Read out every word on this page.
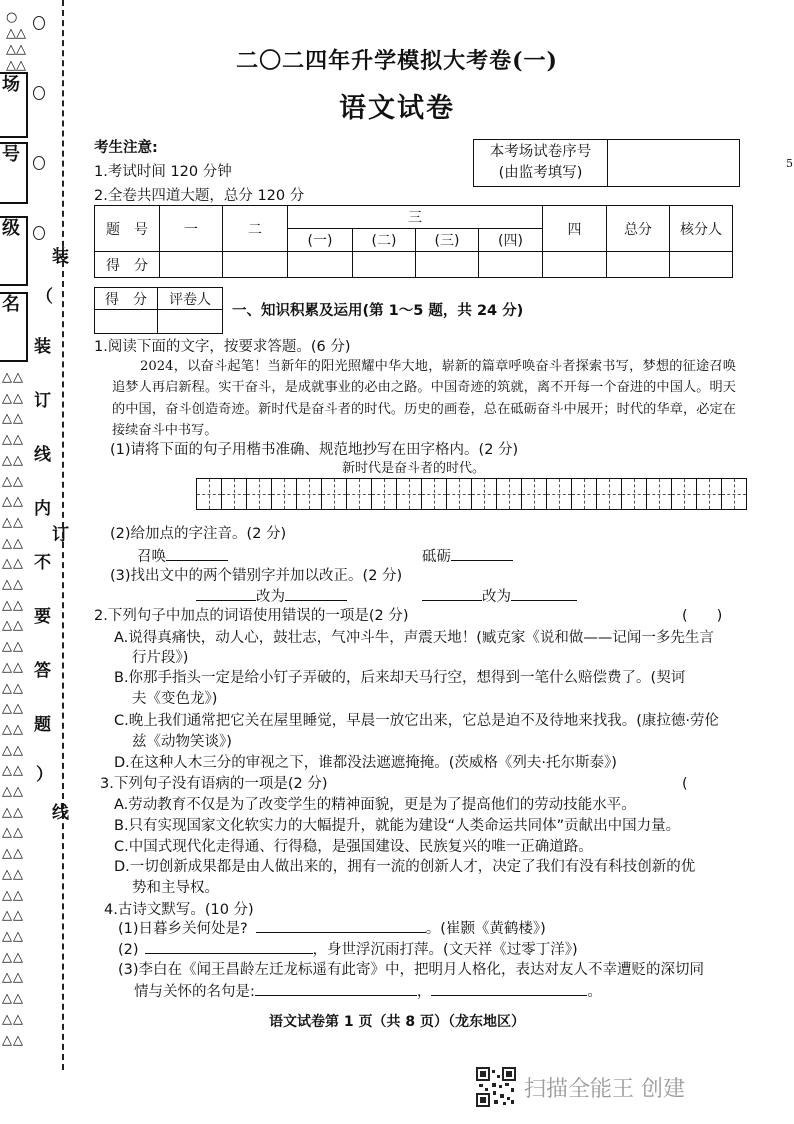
○
△△
△△
△△
场
号
级
名
△△
△△
△△
△△
△△
△△
△△
△△
△△
△△
△△
△△
△△
△△
△△
△△
△△
△△
△△
△△
△△
△△
△△
△△
△△
△△
△△
△△
△△
△△
△△
△△
△△
装
（
装
订
线
内
订
不
要
答
题
）
线
二〇二四年升学模拟大考卷(一)
语文试卷
5
考生注意:
1.考试时间 120 分钟
2.全卷共四道大题，总分 120 分
本考场试卷序号
(由监考填写)
题　号	一	二	三				四	总分	核分人
			(一)	(二)	(三)	(四)			
得　分									
得　分	评卷人

一、知识积累及运用(第 1～5 题，共 24 分)
1.阅读下面的文字，按要求答题。(6 分)

2024，以奋斗起笔！当新年的阳光照耀中华大地，崭新的篇章呼唤奋斗者探索书写，梦想的征途召唤追梦人再启新程。实干奋斗，是成就事业的必由之路。中国奇迹的筑就，离不开每一个奋进的中国人。明天的中国，奋斗创造奇迹。新时代是奋斗者的时代。历史的画卷，总在砥砺奋斗中展开；时代的华章，必定在接续奋斗中书写。

(1)请将下面的句子用楷书准确、规范地抄写在田字格内。(2 分)
新时代是奋斗者的时代。
(2)给加点的字注音。(2 分)
召唤	砥砺
(3)找出文中的两个错别字并加以改正。(2 分)
改为	改为
2.下列句子中加点的词语使用错误的一项是(2 分)	(　　)
A.说得真痛快，动人心，鼓壮志，气冲斗牛，声震天地！(臧克家《说和做——记闻一多先生言
行片段》)
B.你那手指头一定是给小钉子弄破的，后来却天马行空，想得到一笔什么赔偿费了。(契诃
夫《变色龙》)
C.晚上我们通常把它关在屋里睡觉，早晨一放它出来，它总是迫不及待地来找我。(康拉德·劳伦
兹《动物笑谈》)
D.在这种人木三分的审视之下，谁都没法遮遮掩掩。(茨威格《列夫·托尔斯泰》)
3.下列句子没有语病的一项是(2 分)	(
A.劳动教育不仅是为了改变学生的精神面貌，更是为了提高他们的劳动技能水平。
B.只有实现国家文化软实力的大幅提升，就能为建设“人类命运共同体”贡献出中国力量。
C.中国式现代化走得通、行得稳，是强国建设、民族复兴的唯一正确道路。
D.一切创新成果都是由人做出来的，拥有一流的创新人才，决定了我们有没有科技创新的优
势和主导权。
4.古诗文默写。(10 分)
(1)日暮乡关何处是?	。(崔颢《黄鹤楼》)
(2)	，身世浮沉雨打萍。(文天祥《过零丁洋》)
(3)李白在《闻王昌龄左迁龙标遥有此寄》中，把明月人格化，表达对友人不幸遭贬的深切同
情与关怀的名句是:	，	。
语文试卷第 1 页（共 8 页）（龙东地区）
扫描全能王 创建
